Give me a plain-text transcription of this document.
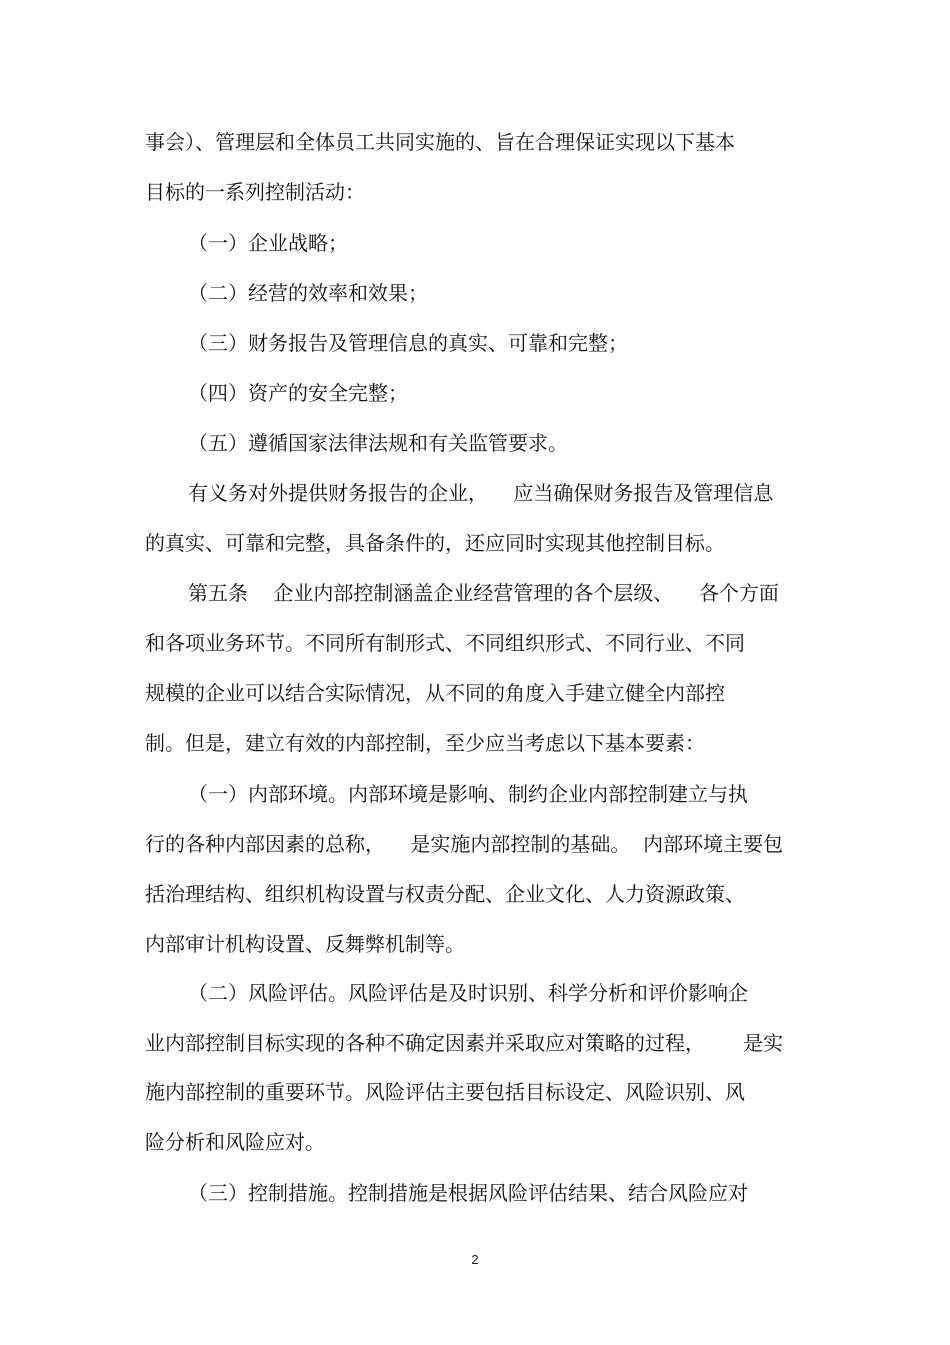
事会）、管理层和全体员工共同实施的、旨在合理保证实现以下基本
目标的一系列控制活动：
（一）企业战略；
（二）经营的效率和效果；
（三）财务报告及管理信息的真实、可靠和完整；
（四）资产的安全完整；
（五）遵循国家法律法规和有关监管要求。
有义务对外提供财务报告的企业，    应当确保财务报告及管理信息
的真实、可靠和完整，具备条件的，还应同时实现其他控制目标。
第五条    企业内部控制涵盖企业经营管理的各个层级、    各个方面
和各项业务环节。不同所有制形式、不同组织形式、不同行业、不同
规模的企业可以结合实际情况，从不同的角度入手建立健全内部控
制。但是，建立有效的内部控制，至少应当考虑以下基本要素：
（一）内部环境。内部环境是影响、制约企业内部控制建立与执
行的各种内部因素的总称，    是实施内部控制的基础。  内部环境主要包
括治理结构、组织机构设置与权责分配、企业文化、人力资源政策、
内部审计机构设置、反舞弊机制等。
（二）风险评估。风险评估是及时识别、科学分析和评价影响企
业内部控制目标实现的各种不确定因素并采取应对策略的过程，      是实
施内部控制的重要环节。风险评估主要包括目标设定、风险识别、风
险分析和风险应对。
（三）控制措施。控制措施是根据风险评估结果、结合风险应对
2
